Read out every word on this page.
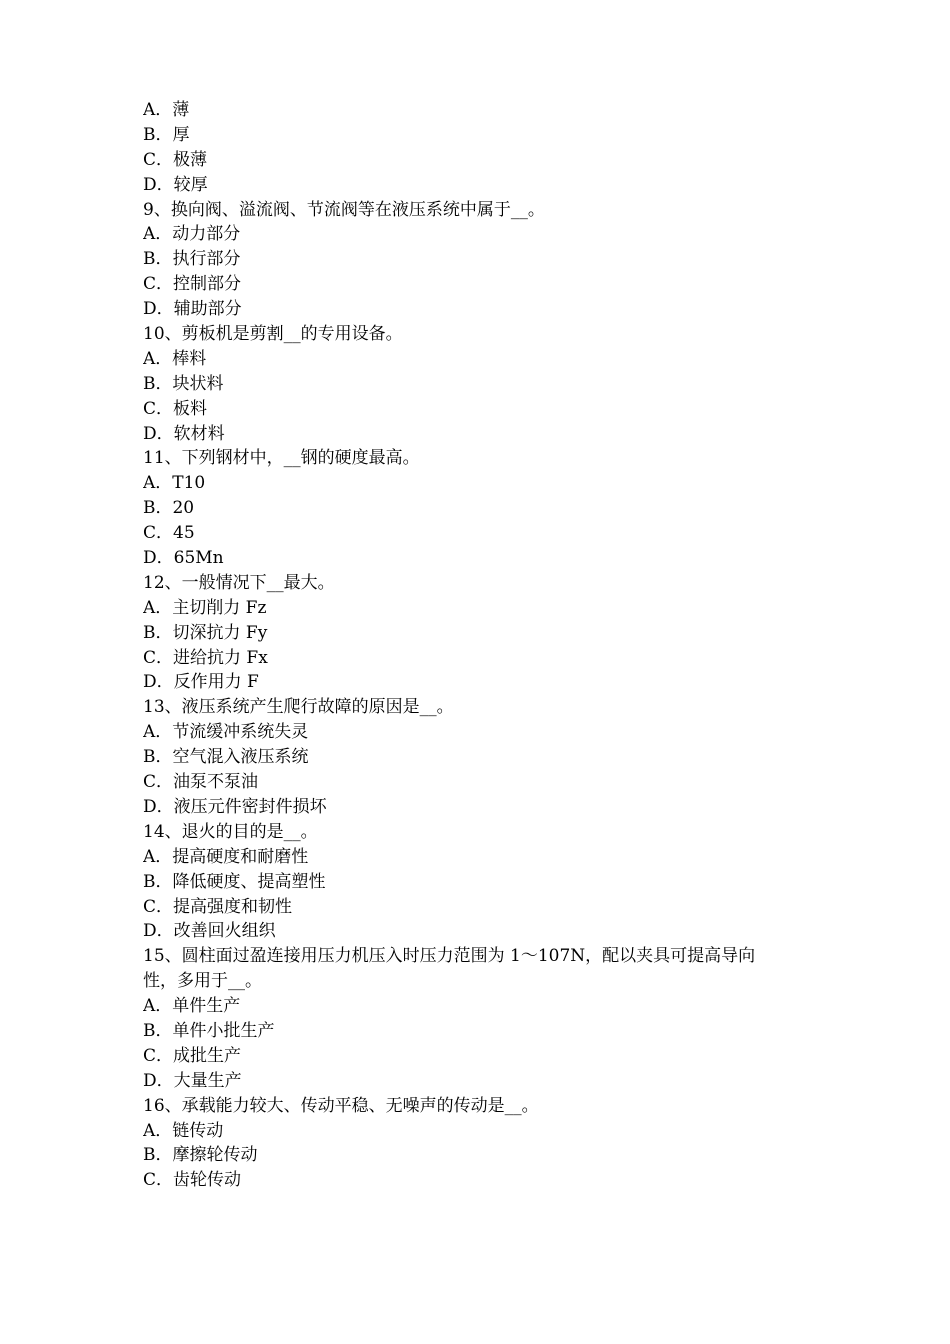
A．薄
B．厚
C．极薄
D．较厚
9、换向阀、溢流阀、节流阀等在液压系统中属于__。
A．动力部分
B．执行部分
C．控制部分
D．辅助部分
10、剪板机是剪割__的专用设备。
A．棒料
B．块状料
C．板料
D．软材料
11、下列钢材中，__钢的硬度最高。
A．T10
B．20
C．45
D．65Mn
12、一般情况下__最大。
A．主切削力 Fz
B．切深抗力 Fy
C．进给抗力 Fx
D．反作用力 F
13、液压系统产生爬行故障的原因是__。
A．节流缓冲系统失灵
B．空气混入液压系统
C．油泵不泵油
D．液压元件密封件损坏
14、退火的目的是__。
A．提高硬度和耐磨性
B．降低硬度、提高塑性
C．提高强度和韧性
D．改善回火组织
15、圆柱面过盈连接用压力机压入时压力范围为 1～107N，配以夹具可提高导向
性，多用于__。
A．单件生产
B．单件小批生产
C．成批生产
D．大量生产
16、承载能力较大、传动平稳、无噪声的传动是__。
A．链传动
B．摩擦轮传动
C．齿轮传动
